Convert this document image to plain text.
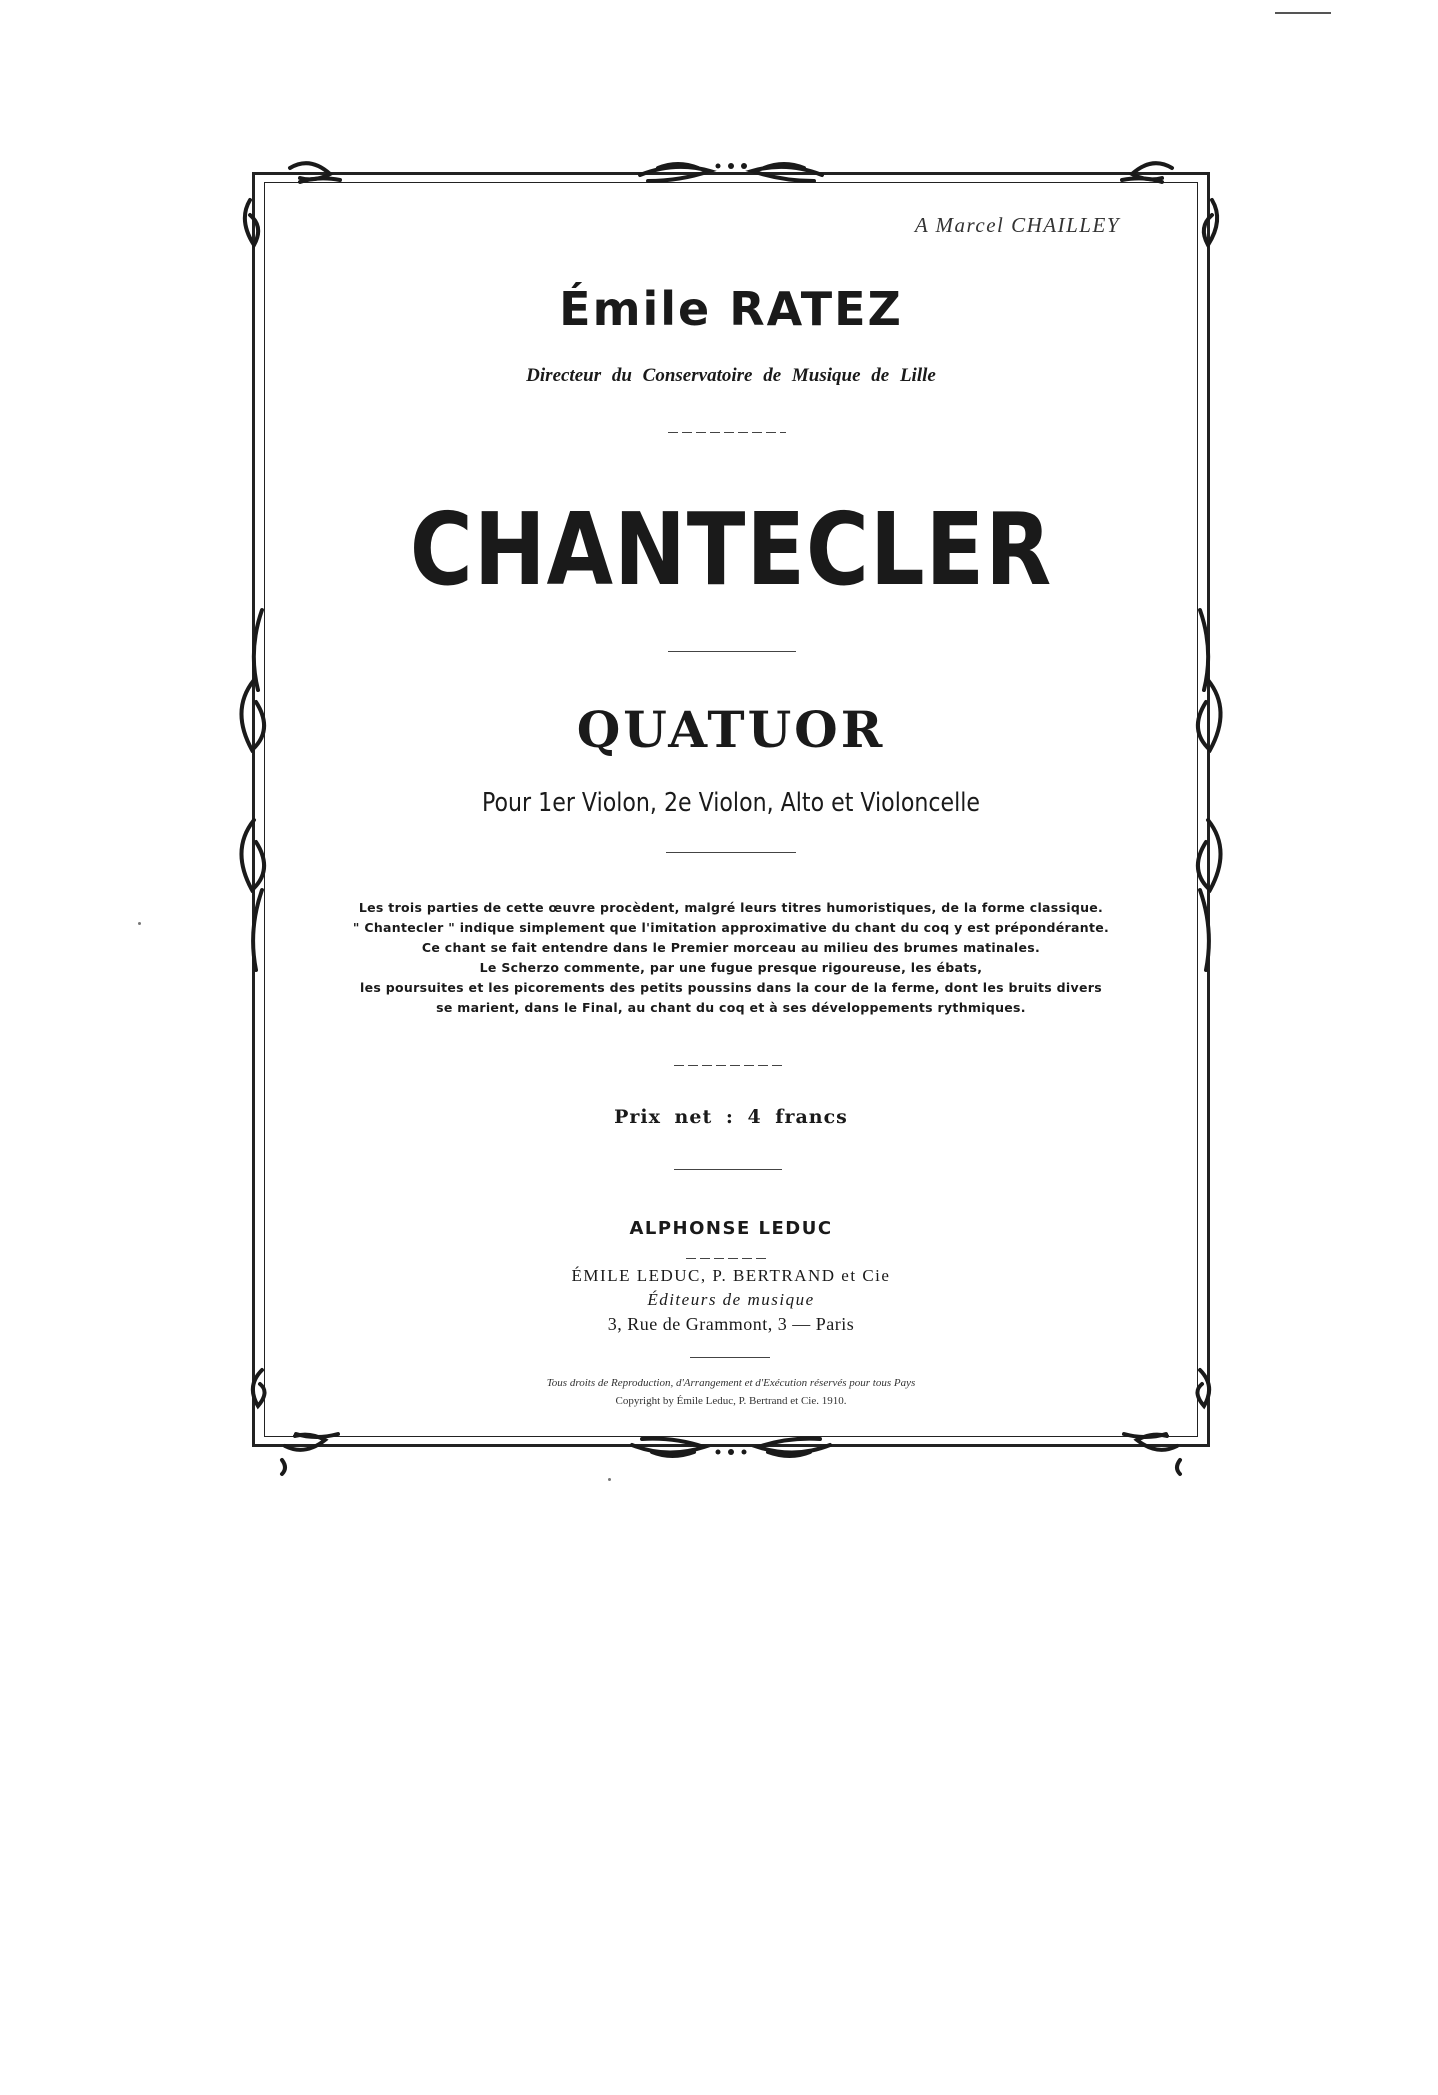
A Marcel CHAILLEY
Émile RATEZ
Directeur du Conservatoire de Musique de Lille
CHANTECLER
QUATUOR
Pour 1er Violon, 2e Violon, Alto et Violoncelle
Les trois parties de cette œuvre procèdent, malgré leurs titres humoristiques, de la forme classique.
" Chantecler " indique simplement que l'imitation approximative du chant du coq y est prépondérante.
Ce chant se fait entendre dans le Premier morceau au milieu des brumes matinales.
Le Scherzo commente, par une fugue presque rigoureuse, les ébats,
les poursuites et les picorements des petits poussins dans la cour de la ferme, dont les bruits divers
se marient, dans le Final, au chant du coq et à ses développements rythmiques.
Prix net : 4 francs
ALPHONSE LEDUC
ÉMILE LEDUC, P. BERTRAND et Cie
Éditeurs de musique
3, Rue de Grammont, 3 — Paris
Tous droits de Reproduction, d'Arrangement et d'Exécution réservés pour tous Pays
Copyright by Émile Leduc, P. Bertrand et Cie. 1910.
